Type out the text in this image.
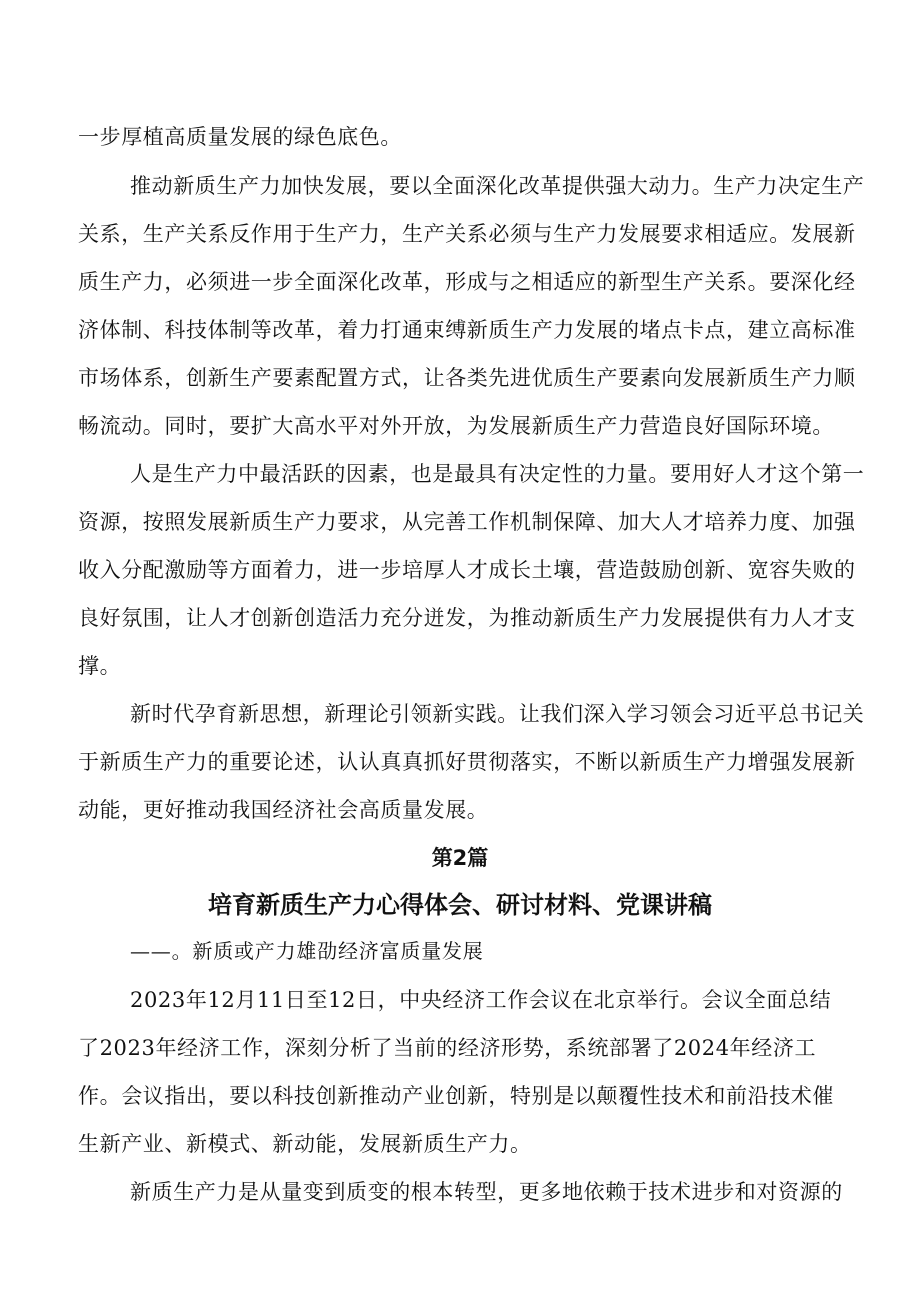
一步厚植高质量发展的绿色底色。
推动新质生产力加快发展，要以全面深化改革提供强大动力。生产力决定生产
关系，生产关系反作用于生产力，生产关系必须与生产力发展要求相适应。发展新
质生产力，必须进一步全面深化改革，形成与之相适应的新型生产关系。要深化经
济体制、科技体制等改革，着力打通束缚新质生产力发展的堵点卡点，建立高标准
市场体系，创新生产要素配置方式，让各类先进优质生产要素向发展新质生产力顺
畅流动。同时，要扩大高水平对外开放，为发展新质生产力营造良好国际环境。
人是生产力中最活跃的因素，也是最具有决定性的力量。要用好人才这个第一
资源，按照发展新质生产力要求，从完善工作机制保障、加大人才培养力度、加强
收入分配激励等方面着力，进一步培厚人才成长土壤，营造鼓励创新、宽容失败的
良好氛围，让人才创新创造活力充分迸发，为推动新质生产力发展提供有力人才支
撑。
新时代孕育新思想，新理论引领新实践。让我们深入学习领会习近平总书记关
于新质生产力的重要论述，认认真真抓好贯彻落实，不断以新质生产力增强发展新
动能，更好推动我国经济社会高质量发展。
第2篇
培育新质生产力心得体会、研讨材料、党课讲稿
——。新质或产力雄劭经济富质量发展
2023年12月11日至12日，中央经济工作会议在北京举行。会议全面总结
了2023年经济工作，深刻分析了当前的经济形势，系统部署了2024年经济工
作。会议指出，要以科技创新推动产业创新，特别是以颠覆性技术和前沿技术催
生新产业、新模式、新动能，发展新质生产力。
新质生产力是从量变到质变的根本转型，更多地依赖于技术进步和对资源的
